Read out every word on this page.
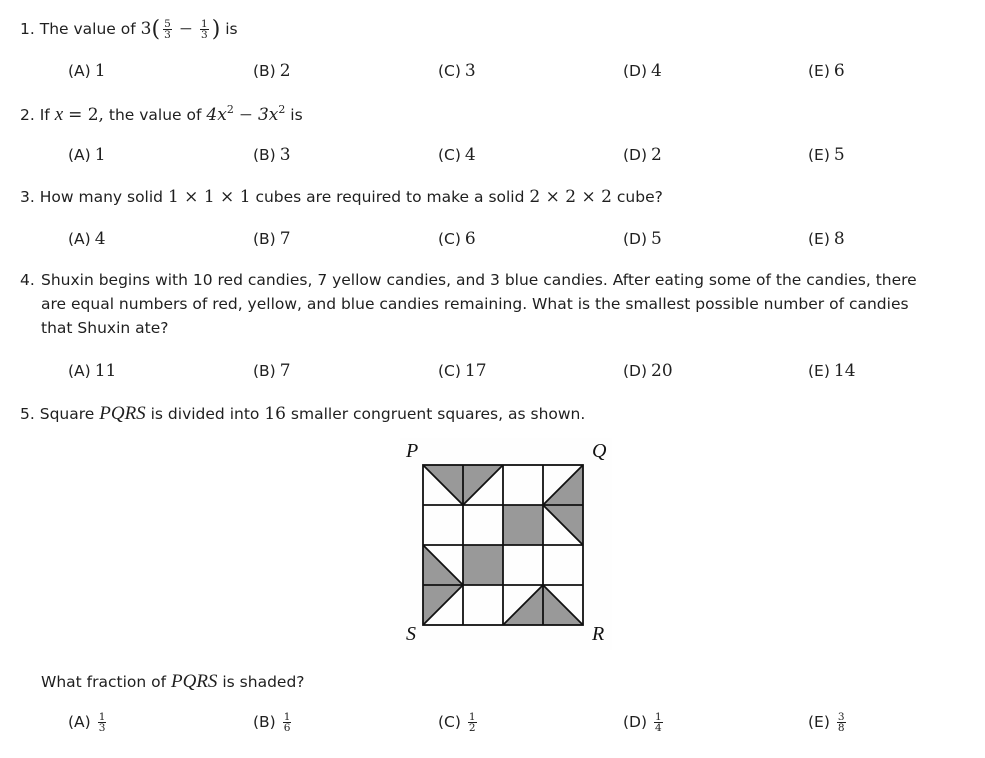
1. The value of $3( \frac{5}{3} - \frac{1}{3}$ ) is
(A) 1	(B) 2	(C) 3	(D) 4	(E) 6
2. If x = 2, the value of $4x^2 - 3x^2$ is
(A) 1	(B) 3	(C) 4	(D) 2	(E) 5
3. How many solid 1 × 1 × 1 cubes are required to make a solid 2 × 2 × 2 cube?
(A) 4	(B) 7	(C) 6	(D) 5	(E) 8
4. Shuxin begins with 10 red candies, 7 yellow candies, and 3 blue candies. After eating some of the candies, there
are equal numbers of red, yellow, and blue candies remaining. What is the smallest possible number of candies
that Shuxin ate?
(A) 11	(B) 7	(C) 17	(D) 20	(E) 14
5. Square PQRS is divided into 16 smaller congruent squares, as shown.
P	Q
S	R
What fraction of PQRS is shaded?
$(A) \frac{1}{3}$	$(B) \frac{1}{6}$	$(C) \frac{1}{2}$	$(D) \frac{1}{4}$	$(E) \frac{3}{8}$
